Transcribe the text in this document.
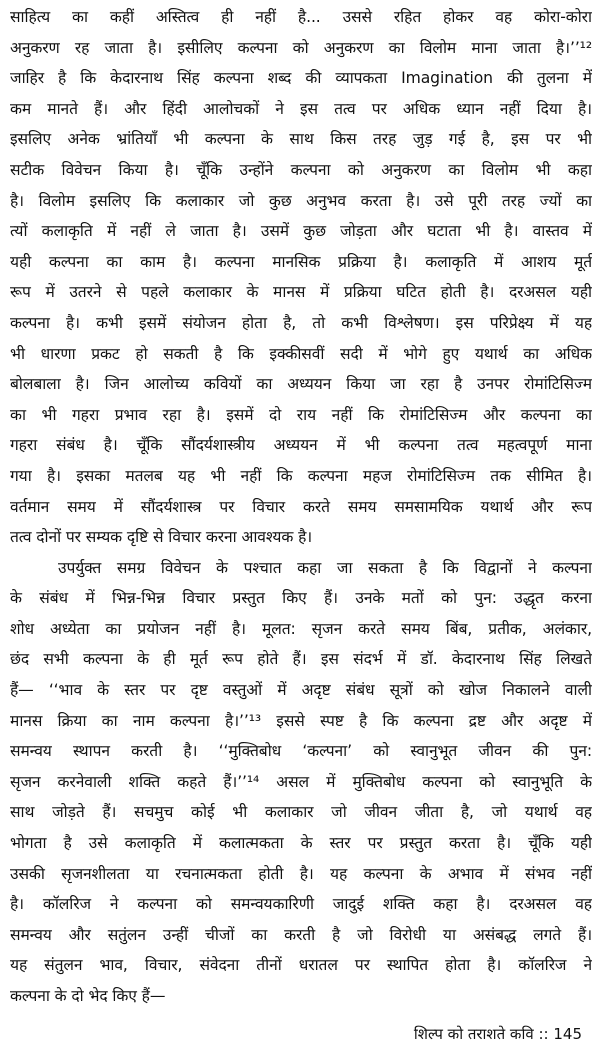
साहित्य का कहीं अस्तित्व ही नहीं है... उससे रहित होकर वह कोरा-कोरा
अनुकरण रह जाता है। इसीलिए कल्पना को अनुकरण का विलोम माना जाता है।’’¹²
जाहिर है कि केदारनाथ सिंह कल्पना शब्द की व्यापकता Imagination की तुलना में
कम मानते हैं। और हिंदी आलोचकों ने इस तत्व पर अधिक ध्यान नहीं दिया है।
इसलिए अनेक भ्रांतियाँ भी कल्पना के साथ किस तरह जुड़ गई है, इस पर भी
सटीक विवेचन किया है। चूँकि उन्होंने कल्पना को अनुकरण का विलोम भी कहा
है। विलोम इसलिए कि कलाकार जो कुछ अनुभव करता है। उसे पूरी तरह ज्यों का
त्यों कलाकृति में नहीं ले जाता है। उसमें कुछ जोड़ता और घटाता भी है। वास्तव में
यही कल्पना का काम है। कल्पना मानसिक प्रक्रिया है। कलाकृति में आशय मूर्त
रूप में उतरने से पहले कलाकार के मानस में प्रक्रिया घटित होती है। दरअसल यही
कल्पना है। कभी इसमें संयोजन होता है, तो कभी विश्लेषण। इस परिप्रेक्ष्य में यह
भी धारणा प्रकट हो सकती है कि इक्कीसवीं सदी में भोगे हुए यथार्थ का अधिक
बोलबाला है। जिन आलोच्य कवियों का अध्ययन किया जा रहा है उनपर रोमांटिसिज्म
का भी गहरा प्रभाव रहा है। इसमें दो राय नहीं कि रोमांटिसिज्म और कल्पना का
गहरा संबंध है। चूँकि सौंदर्यशास्त्रीय अध्ययन में भी कल्पना तत्व महत्वपूर्ण माना
गया है। इसका मतलब यह भी नहीं कि कल्पना महज रोमांटिसिज्म तक सीमित है।
वर्तमान समय में सौंदर्यशास्त्र पर विचार करते समय समसामयिक यथार्थ और रूप
तत्व दोनों पर सम्यक दृष्टि से विचार करना आवश्यक है।
उपर्युक्त समग्र विवेचन के पश्चात कहा जा सकता है कि विद्वानों ने कल्पना
के संबंध में भिन्न-भिन्न विचार प्रस्तुत किए हैं। उनके मतों को पुन: उद्धृत करना
शोध अध्येता का प्रयोजन नहीं है। मूलत: सृजन करते समय बिंब, प्रतीक, अलंकार,
छंद सभी कल्पना के ही मूर्त रूप होते हैं। इस संदर्भ में डॉ. केदारनाथ सिंह लिखते
हैं— ‘‘भाव के स्तर पर दृष्ट वस्तुओं में अदृष्ट संबंध सूत्रों को खोज निकालने वाली
मानस क्रिया का नाम कल्पना है।’’¹³ इससे स्पष्ट है कि कल्पना द्रष्ट और अदृष्ट में
समन्वय स्थापन करती है। ‘‘मुक्तिबोध ‘कल्पना’ को स्वानुभूत जीवन की पुन:
सृजन करनेवाली शक्ति कहते हैं।’’¹⁴ असल में मुक्तिबोध कल्पना को स्वानुभूति के
साथ जोड़ते हैं। सचमुच कोई भी कलाकार जो जीवन जीता है, जो यथार्थ वह
भोगता है उसे कलाकृति में कलात्मकता के स्तर पर प्रस्तुत करता है। चूँकि यही
उसकी सृजनशीलता या रचनात्मकता होती है। यह कल्पना के अभाव में संभव नहीं
है। कॉलरिज ने कल्पना को समन्वयकारिणी जादुई शक्ति कहा है। दरअसल वह
समन्वय और सतुंलन उन्हीं चीजों का करती है जो विरोधी या असंबद्ध लगते हैं।
यह संतुलन भाव, विचार, संवेदना तीनों धरातल पर स्थापित होता है। कॉलरिज ने
कल्पना के दो भेद किए हैं—
शिल्प को तराशते कवि :: 145
